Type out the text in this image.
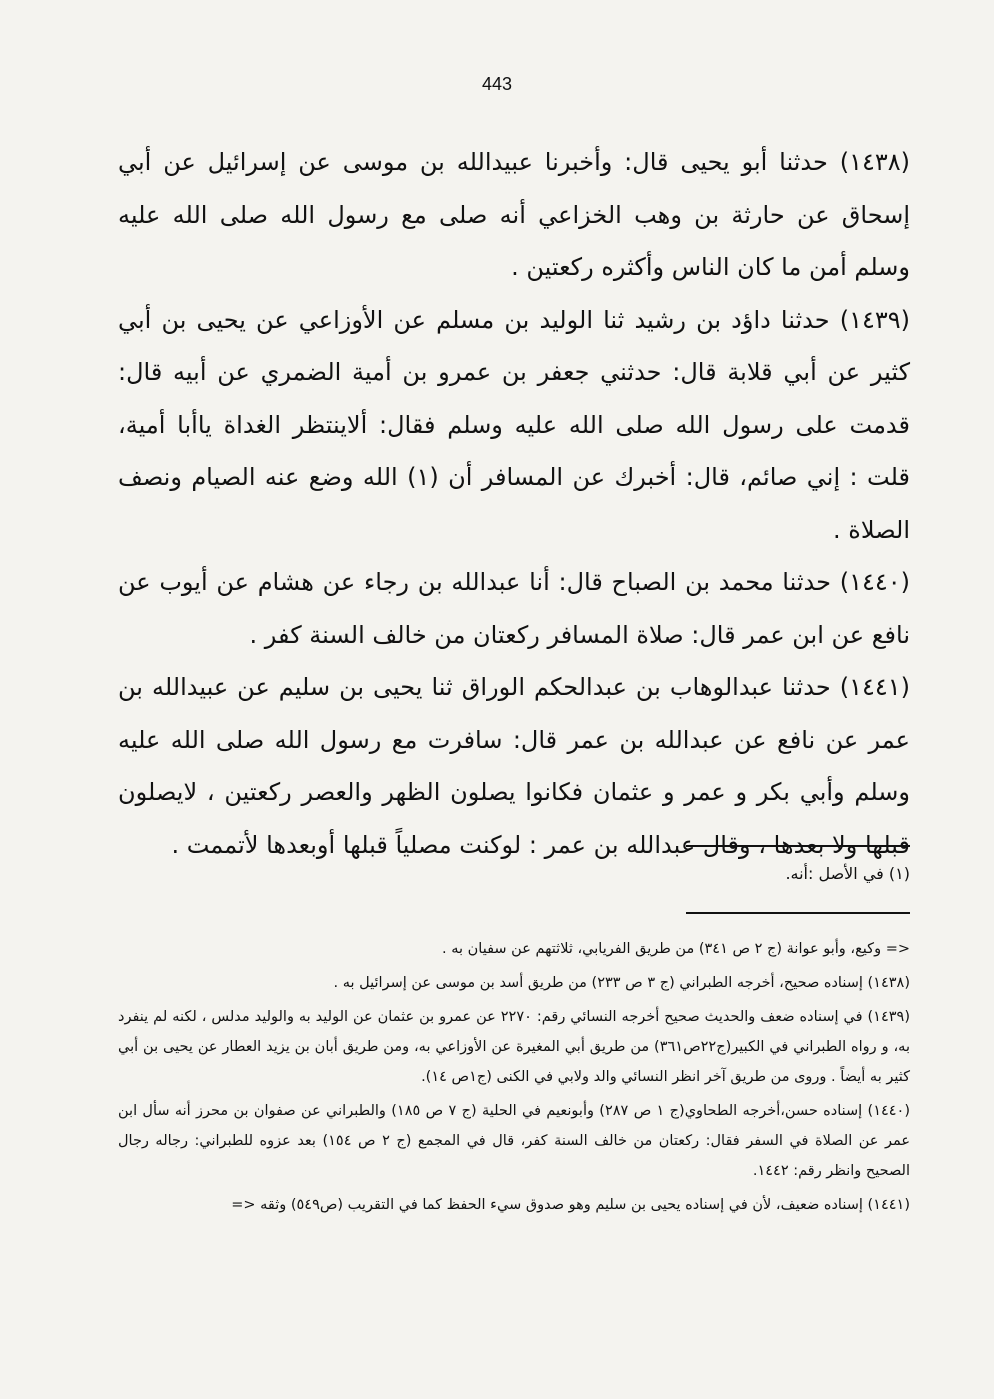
443

(١٤٣٨) حدثنا أبو يحيى قال: وأخبرنا عبيدالله بن موسى عن إسرائيل عن أبي إسحاق عن حارثة بن وهب الخزاعي أنه صلى مع رسول الله صلى الله عليه وسلم أمن ما كان الناس وأكثره ركعتين .

(١٤٣٩) حدثنا داؤد بن رشيد ثنا الوليد بن مسلم عن الأوزاعي عن يحيى بن أبي كثير عن أبي قلابة قال: حدثني جعفر بن عمرو بن أمية الضمري عن أبيه قال: قدمت على رسول الله صلى الله عليه وسلم فقال: ألاينتظر الغداة ياأبا أمية، قلت : إني صائم، قال: أخبرك عن المسافر أن (١) الله وضع عنه الصيام ونصف الصلاة .

(١٤٤٠) حدثنا محمد بن الصباح قال: أنا عبدالله بن رجاء عن هشام عن أيوب عن نافع عن ابن عمر قال: صلاة المسافر ركعتان من خالف السنة كفر .

(١٤٤١) حدثنا عبدالوهاب بن عبدالحكم الوراق ثنا يحيى بن سليم عن عبيدالله بن عمر عن نافع عن عبدالله بن عمر قال: سافرت مع رسول الله صلى الله عليه وسلم وأبي بكر و عمر و عثمان فكانوا يصلون الظهر والعصر ركعتين ، لايصلون قبلها ولا بعدها ، وقال عبدالله بن عمر : لوكنت مصلياً قبلها أوبعدها لأتممت .

(١) في الأصل :أنه.

<= وكيع، وأبو عوانة (ج ٢ ص ٣٤١) من طريق الفريابي، ثلاثتهم عن سفيان به .

(١٤٣٨) إسناده صحيح، أخرجه الطبراني (ج ٣ ص ٢٣٣) من طريق أسد بن موسى عن إسرائيل به .

(١٤٣٩) في إسناده ضعف والحديث صحيح أخرجه النسائي رقم: ٢٢٧٠ عن عمرو بن عثمان عن الوليد به والوليد مدلس ، لكنه لم ينفرد به، و رواه الطبراني في الكبير(ج٢٢ص٣٦١) من طريق أبي المغيرة عن الأوزاعي به، ومن طريق أبان بن يزيد العطار عن يحيى بن أبي كثير به أيضاً . وروى من طريق آخر انظر النسائي والد ولابي في الكنى (ج١ص ١٤).

(١٤٤٠) إسناده حسن،أخرجه الطحاوي(ج ١ ص ٢٨٧) وأبونعيم في الحلية (ج ٧ ص ١٨٥) والطبراني عن صفوان بن محرز أنه سأل ابن عمر عن الصلاة في السفر فقال: ركعتان من خالف السنة كفر، قال في المجمع (ج ٢ ص ١٥٤) بعد عزوه للطبراني: رجاله رجال الصحيح وانظر رقم: ١٤٤٢.

(١٤٤١) إسناده ضعيف، لأن في إسناده يحيى بن سليم وهو صدوق سيء الحفظ كما في التقريب (ص٥٤٩) وثقه <=
